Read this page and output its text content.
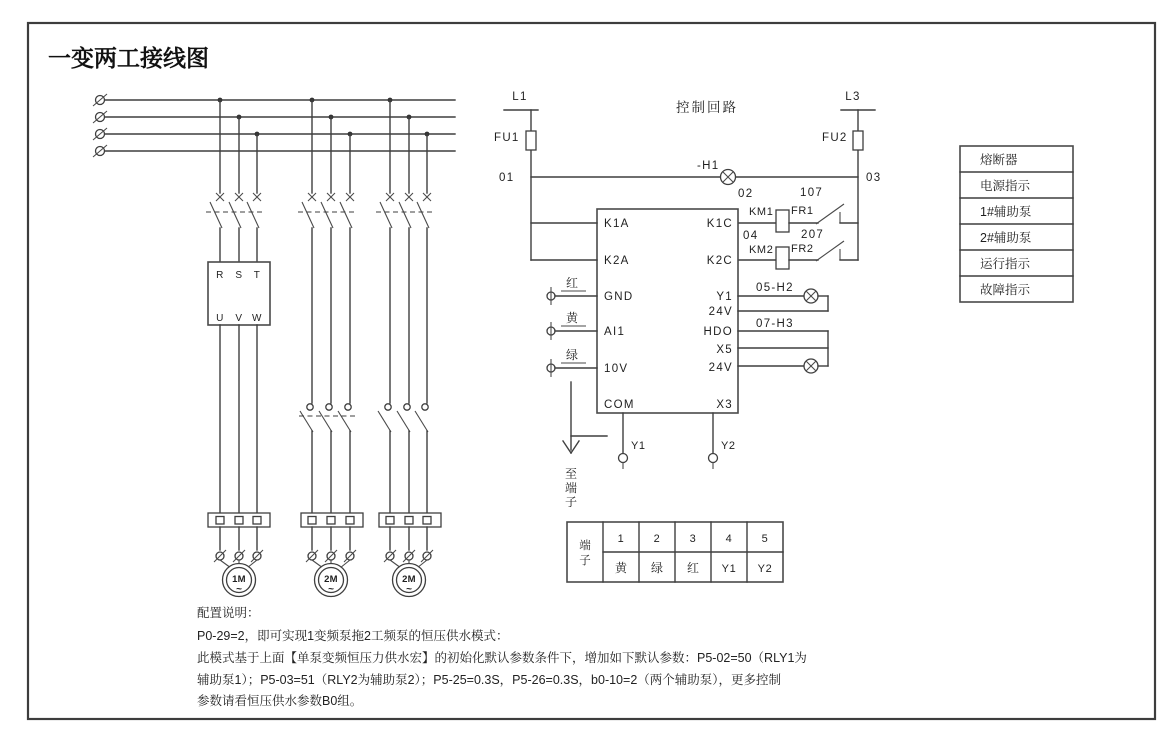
一变两工接线图
R S T
U V W
1M
~
2M
~
2M
~
控制回路
L1
FU1
L3
FU2
01	03
-H1
02	107
KM1 FR1
04	207
KM2 FR2
K1A
K2A
GND
AI1
10V
COM
K1C
K2C
Y1
24V
HDO
X5
24V
X3
红
黄
绿
至
端
子
Y1	Y2
05-H2
07-H3
熔断器
电源指示
1#辅助泵
2#辅助泵
运行指示
故障指示
端
子
1	2	3	4	5
黄 绿 红 Y1 Y2
配置说明：
P0-29=2，即可实现1变频泵拖2工频泵的恒压供水模式：
此模式基于上面【单泵变频恒压力供水宏】的初始化默认参数条件下，增加如下默认参数：P5-02=50（RLY1为
辅助泵1）；P5-03=51（RLY2为辅助泵2）；P5-25=0.3S，P5-26=0.3S，b0-10=2（两个辅助泵），更多控制
参数请看恒压供水参数B0组。
